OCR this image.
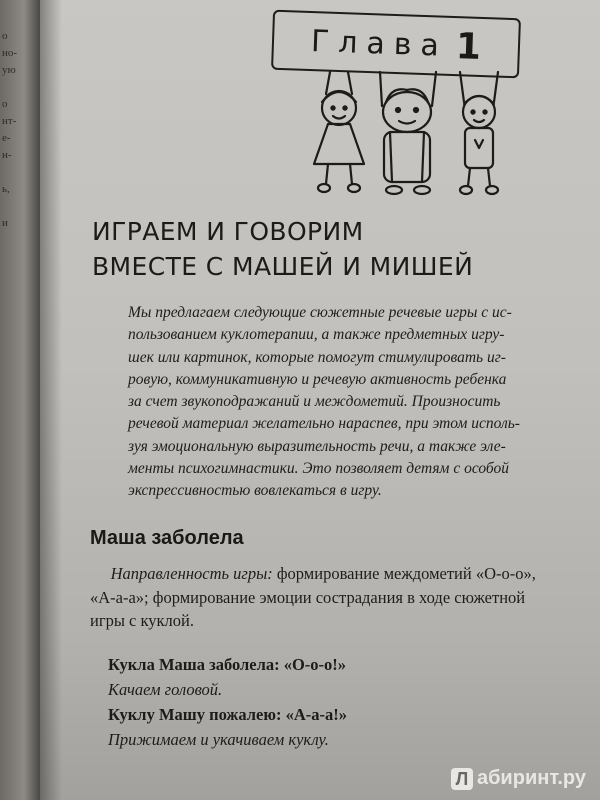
о
но-
ую

о
нт-
е-
н-

ь,

и
Глава 1
ИГРАЕМ И ГОВОРИМ
ВМЕСТЕ С МАШЕЙ И МИШЕЙ
Мы предлагаем следующие сюжетные речевые игры с ис-
пользованием куклотерапии, а также предметных игру-
шек или картинок, которые помогут стимулировать иг-
ровую, коммуникативную и речевую активность ребенка
за счет звукоподражаний и междометий. Произносить
речевой материал желательно нараспев, при этом исполь-
зуя эмоциональную выразительность речи, а также эле-
менты психогимнастики. Это позволяет детям с особой
экспрессивностью вовлекаться в игру.
Маша заболела
Направленность игры: формирование междометий «О-о-о»,
«А-а-а»; формирование эмоции сострадания в ходе сюжетной
игры с куклой.
Кукла Маша заболела: «О-о-о!»
Качаем головой.
Куклу Машу пожалею: «А-а-а!»
Прижимаем и укачиваем куклу.
Л абиринт.ру
